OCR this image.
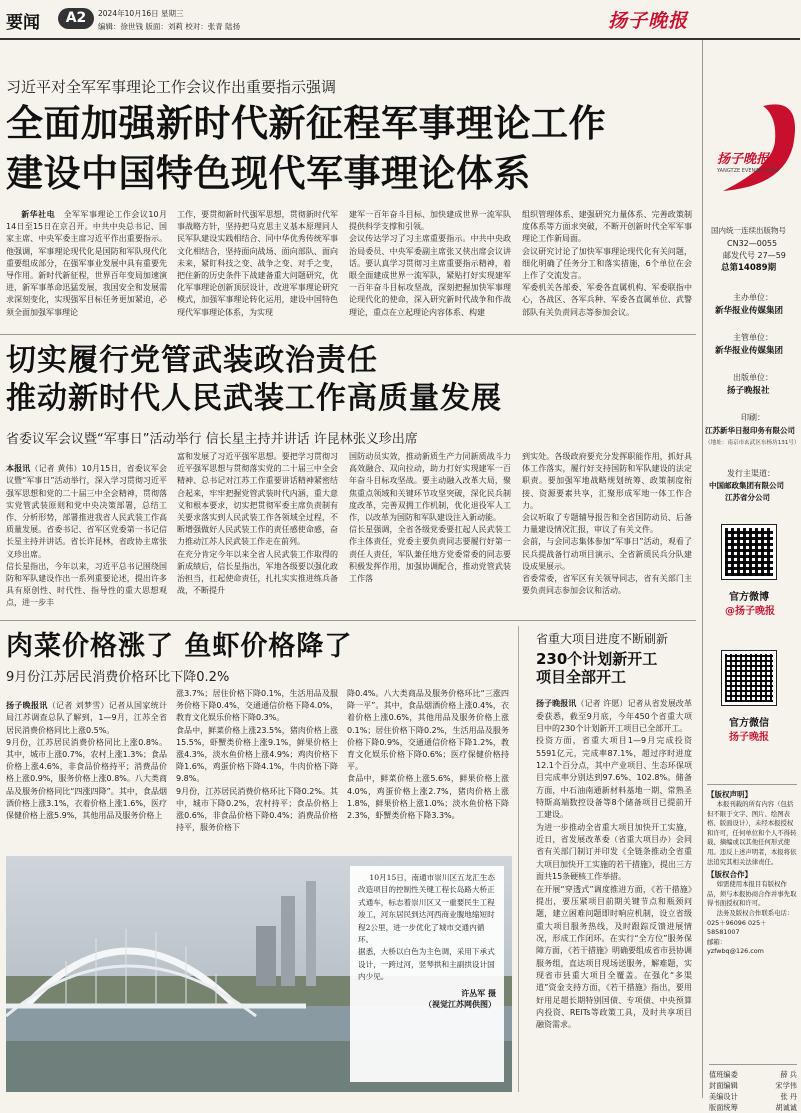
要闻	A2	2024年10月16日 星期三
编辑：徐世钱 版面：刘莉 校对：张青 陆扬	扬子晚报
习近平对全军军事理论工作会议作出重要指示强调
全面加强新时代新征程军事理论工作
建设中国特色现代军事理论体系

新华社电　 全军军事理论工作会议10月14日至15日在京召开。中共中央总书记、国家主席、中央军委主席习近平作出重要指示。他强调，军事理论现代化是国防和军队现代化重要组成部分，在强军事业发展中具有重要先导作用。新时代新征程，世界百年变局加速演进，新军事革命迅猛发展，我国安全和发展需求深刻变化，实现强军目标任务更加紧迫，必须全面加强军事理论

工作，要贯彻新时代强军思想，贯彻新时代军事战略方针，坚持把马克思主义基本原理同人民军队建设实践相结合、同中华优秀传统军事文化相结合，坚持面向战场、面向部队、面向未来，紧盯科技之变、战争之变、对手之变，把住新的历史条件下战建备重大问题研究，优化军事理论创新顶层设计，改进军事理论研究模式，加强军事理论转化运用，建设中国特色现代军事理论体系，为实现
建军一百年奋斗目标、加快建成世界一流军队提供科学支撑和引领。
会议传达学习了习主席重要指示。中共中央政治局委员、中央军委副主席张又侠出席会议讲话。要认真学习贯彻习主席重要指示精神，着眼全面建成世界一流军队，紧贴打好实现建军一百年奋斗目标攻坚战，深刻把握加快军事理论现代化的使命，深入研究新时代战争和作战理论，重点在立起理论内容体系、构建
组织管理体系、建强研究力量体系、完善政策制度体系等方面求突破，不断开创新时代全军军事理论工作新局面。
会议研究讨论了加快军事理论现代化有关问题，细化明确了任务分工和落实措施，6个单位在会上作了交流发言。
军委机关各部委、军委各直属机构、军委联指中心，各战区、各军兵种、军委各直属单位、武警部队有关负责同志等参加会议。
切实履行党管武装政治责任
推动新时代人民武装工作高质量发展
省委议军会议暨“军事日”活动举行 信长星主持并讲话 许昆林张义珍出席

本报讯（记者 黄伟）10月15日，省委议军会议暨“军事日”活动举行，深入学习贯彻习近平强军思想和党的二十届三中全会精神，贯彻落实党管武装原则和党中央决策部署，总结工作、分析形势，部署推进我省人民武装工作高质量发展。省委书记、省军区党委第一书记信长星主持并讲话。省长许昆林，省政协主席张义珍出席。
信长星指出，今年以来，习近平总书记围绕国防和军队建设作出一系列重要论述，提出许多具有原创性、时代性、指导性的重大思想观点，进一步丰

富和发展了习近平强军思想。要把学习贯彻习近平强军思想与贯彻落实党的二十届三中全会精神、总书记对江苏工作重要讲话精神紧密结合起来，牢牢把握党管武装时代内涵，重大意义和根本要求，切实把贯彻军委主席负责制有关要求落实到人民武装工作各领域全过程，不断增强做好人民武装工作的责任感使命感，奋力推动江苏人民武装工作走在前列。
在充分肯定今年以来全省人民武装工作取得的新成绩后，信长星指出，军地各级要以强化政治担当，扛起使命责任，扎扎实实推进练兵备战，不断提升
国防动员实效，推动新质生产力同新质战斗力高效融合、双向拉动，助力打好实现建军一百年奋斗目标攻坚战。要主动融入改革大局，聚焦重点领域和关键环节攻坚突破，深化民兵制度改革，完善双拥工作机制，优化退役军人工作，以改革为国防和军队建设注入新动能。
信长星强调，全省各级党委要扛起人民武装工作主体责任，党委主要负责同志要履行好第一责任人责任，军队兼任地方党委常委的同志要积极发挥作用，加强协调配合，推动党管武装工作落
到实处。各级政府要充分发挥职能作用，抓好具体工作落实，履行好支持国防和军队建设的法定职责。要加强军地战略规划统筹、政策制度衔接、资源要素共享，汇聚形成军地一体工作合力。
会议听取了专题辅导报告和全省国防动员、后备力量建设情况汇报，审议了有关文件。
会前，与会同志集体参加“军事日”活动，观看了民兵提战备行动项目演示、全省新质民兵分队建设成果展示。
省委常委，省军区有关领导同志，省有关部门主要负责同志参加会议和活动。
肉菜价格涨了 鱼虾价格降了
9月份江苏居民消费价格环比下降0.2%

扬子晚报讯（记者 刘梦雪）记者从国家统计局江苏调查总队了解到，1—9月，江苏全省居民消费价格同比上涨0.5%。
9月份，江苏居民消费价格同比上涨0.8%。其中，城市上涨0.7%，农村上涨1.3%；食品价格上涨4.6%，非食品价格持平；消费品价格上涨0.9%，服务价格上涨0.8%。八大类商品及服务价格同比“四涨四降”。其中，食品烟酒价格上涨3.1%，衣着价格上涨1.6%，医疗保健价格上涨5.9%，其他用品及服务价格上

涨3.7%；居住价格下降0.1%，生活用品及服务价格下降0.4%，交通通信价格下降4.0%，教育文化娱乐价格下降0.3%。
食品中，鲜菜价格上涨23.5%，猪肉价格上涨15.5%，虾蟹类价格上涨9.1%，鲜果价格上涨4.3%，淡水鱼价格上涨4.9%；鸡肉价格下降1.6%，鸡蛋价格下降4.1%，牛肉价格下降9.8%。
9月份，江苏居民消费价格环比下降0.2%。其中，城市下降0.2%，农村持平；食品价格上涨0.6%，非食品价格下降0.4%；消费品价格持平，服务价格下
降0.4%。八大类商品及服务价格环比“三涨四降一平”。其中，食品烟酒价格上涨0.4%，衣着价格上涨0.6%，其他用品及服务价格上涨0.1%；居住价格下降0.2%，生活用品及服务价格下降0.9%，交通通信价格下降1.2%，教育文化娱乐价格下降0.6%；医疗保健价格持平。
食品中，鲜菜价格上涨5.6%，鲜果价格上涨4.0%，鸡蛋价格上涨2.7%，猪肉价格上涨1.8%，鲜果价格上涨1.0%；淡水鱼价格下降2.3%，虾蟹类价格下降3.3%。
10月15日，南通市崇川区五龙汇生态改造项目的控制性关键工程长岛路大桥正式通车，标志着崇川区又一重要民生工程竣工，河东居民到达河西商业腹地缩短时程2公里，进一步优化了城市交通内循环。
据悉，大桥以白色为主色调，采用下承式设计，一跨过河，竖琴拱和主副拱设计国内少见。
许丛军 摄
（视觉江苏网供图）
省重大项目进度不断刷新
230个计划新开工
项目全部开工

扬子晚报讯（记者 许愿）记者从省发展改革委获悉，截至9月底，今年450个省重大项目中的230个计划新开工项目已全部开工。
投资方面，省重大项目1—9月完成投资5591亿元，完成率87.1%，超过序时进度12.1个百分点，其中产业项目、生态环保项目完成率分别达到97.6%、102.8%。储备方面，中石油南通新材料基地一期、常熟圣特斯高端数控设备等8个储备项目已提前开工建设。
为进一步推动全省重大项目加快开工实施，近日，省发展改革委（省重大项目办）会同省有关部门制订并印发《全链条推动全省重大项目加快开工实施的若干措施》，提出三方面共15条硬核工作举措。
在开展“穿透式”调度推进方面，《若干措施》提出，要压紧项目前期关键节点和瓶颈问题，建立困难问题即时响应机制，设立省级重大项目服务热线，及时跟踪反馈进展情况，形成工作闭环。在实行“全方位”服务保障方面，《若干措施》明确要组成省市县协调服务组，直达项目现场送服务，解难题，实现省市县重大项目全覆盖。在强化“多渠道”资金支持方面，《若干措施》指出，要用好用足超长期特别国债、专项债、中央预算内投资、REITs等政策工具，及时共享项目融资需求。

扬子晚报
YANGTZE EVENING POST
国内统一连续出版物号
CN32—0055
邮发代号 27—59
总第14089期
主办单位：
新华报业传媒集团
主管单位：
新华报业传媒集团
出版单位：
扬子晚报社
印刷：
江苏新华日报印务有限公司
（地址：南京市玄武区东杨坊131号）
发行主渠道：
中国邮政集团有限公司
江苏省分公司
官方微博
@扬子晚报
官方微信
扬子晚报
【版权声明】
本报刊载的所有内容（包括但不限于文字、图片、绘图表格、版面设计），未经本报授权和许可，任何单位和个人不得转载、摘编或以其他任何形式使用。违反上述声明者，本报将依法追究其相关法律责任。
【版权合作】
如需使用本报目有版权作品，须与本报协商合作并事先取得书面授权和许可。
法务及版权合作联系电话：025＋96096 025＋58581007
邮箱：
yzfwbq@126.com
值班编委	薛 兵
封面编辑	宋学伟
美编设计	张 丹
版面统筹	胡诚诚
